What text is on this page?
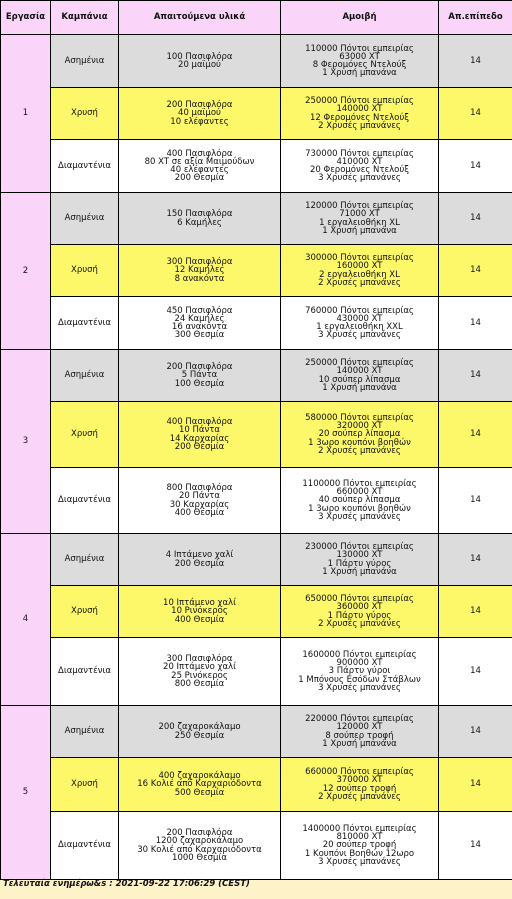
Εργασία	Καμπάνια	Απαιτούμενα υλικά	Αμοιβή	Απ.επίπεδο
1	Ασημένια	100 Πασιφλόρα
20 μαϊμού	110000 Πόντοι εμπειρίας
63000 XT
8 Φερομόνες Ντελούξ
1 Χρυσή μπανάνα	14
	Χρυσή	200 Πασιφλόρα
40 μαϊμού
10 ελέφαντες	250000 Πόντοι εμπειρίας
140000 XT
12 Φερομόνες Ντελούξ
2 Χρυσές μπανάνες	14
	Διαμαντένια	400 Πασιφλόρα
80 XT σε αξία Μαιμούδων
40 ελέφαντες
200 Θεσμία	730000 Πόντοι εμπειρίας
410000 XT
20 Φερομόνες Ντελούξ
3 Χρυσές μπανάνες	14
2	Ασημένια	150 Πασιφλόρα
6 Καμήλες	120000 Πόντοι εμπειρίας
71000 XT
1 εργαλειοθήκη XL
1 Χρυσή μπανάνα	14
	Χρυσή	300 Πασιφλόρα
12 Καμήλες
8 ανακόντα	300000 Πόντοι εμπειρίας
160000 XT
2 εργαλειοθήκη XL
2 Χρυσές μπανάνες	14
	Διαμαντένια	450 Πασιφλόρα
24 Καμήλες
16 ανακόντα
300 Θεσμία	760000 Πόντοι εμπειρίας
430000 XT
1 εργαλειοθήκη XXL
3 Χρυσές μπανάνες	14
3	Ασημένια	200 Πασιφλόρα
5 Πάντα
100 Θεσμία	250000 Πόντοι εμπειρίας
140000 XT
10 σούπερ λίπασμα
1 Χρυσή μπανάνα	14
	Χρυσή	400 Πασιφλόρα
10 Πάντα
14 Καρχαρίας
200 Θεσμία	580000 Πόντοι εμπειρίας
320000 XT
20 σούπερ λίπασμα
1 3ωρο κουπόνι βοηθών
2 Χρυσές μπανάνες	14
	Διαμαντένια	800 Πασιφλόρα
20 Πάντα
30 Καρχαρίας
400 Θεσμία	1100000 Πόντοι εμπειρίας
660000 XT
40 σούπερ λίπασμα
1 3ωρο κουπόνι βοηθών
3 Χρυσές μπανάνες	14
4	Ασημένια	4 Ιπτάμενο χαλί
200 Θεσμία	230000 Πόντοι εμπειρίας
130000 XT
1 Πάρτυ γύρος
1 Χρυσή μπανάνα	14
	Χρυσή	10 Ιπτάμενο χαλί
10 Ρινόκερος
400 Θεσμία	650000 Πόντοι εμπειρίας
360000 XT
1 Πάρτυ γύρος
2 Χρυσές μπανάνες	14
	Διαμαντένια	300 Πασιφλόρα
20 Ιπτάμενο χαλί
25 Ρινόκερος
800 Θεσμία	1600000 Πόντοι εμπειρίας
900000 XT
3 Πάρτυ γύροι
1 Μπόνους Εσόδων Στάβλων
3 Χρυσές μπανάνες	14
5	Ασημένια	200 ζαχαροκάλαμο
250 Θεσμία	220000 Πόντοι εμπειρίας
120000 XT
8 σούπερ τροφή
1 Χρυσή μπανάνα	14
	Χρυσή	400 ζαχαροκάλαμο
16 Κολιέ από Καρχαριόδοντα
500 Θεσμία	660000 Πόντοι εμπειρίας
370000 XT
12 σούπερ τροφή
2 Χρυσές μπανάνες	14
	Διαμαντένια	200 Πασιφλόρα
1200 ζαχαροκάλαμο
30 Κολιέ από Καρχαριόδοντα
1000 Θεσμία	1400000 Πόντοι εμπειρίας
810000 XT
20 σούπερ τροφή
1 Κουπόνι Βοηθών 12ωρο
3 Χρυσές μπανάνες	14
Τελευταία ενημέρω&s : 2021-09-22 17:06:29 (CEST)
